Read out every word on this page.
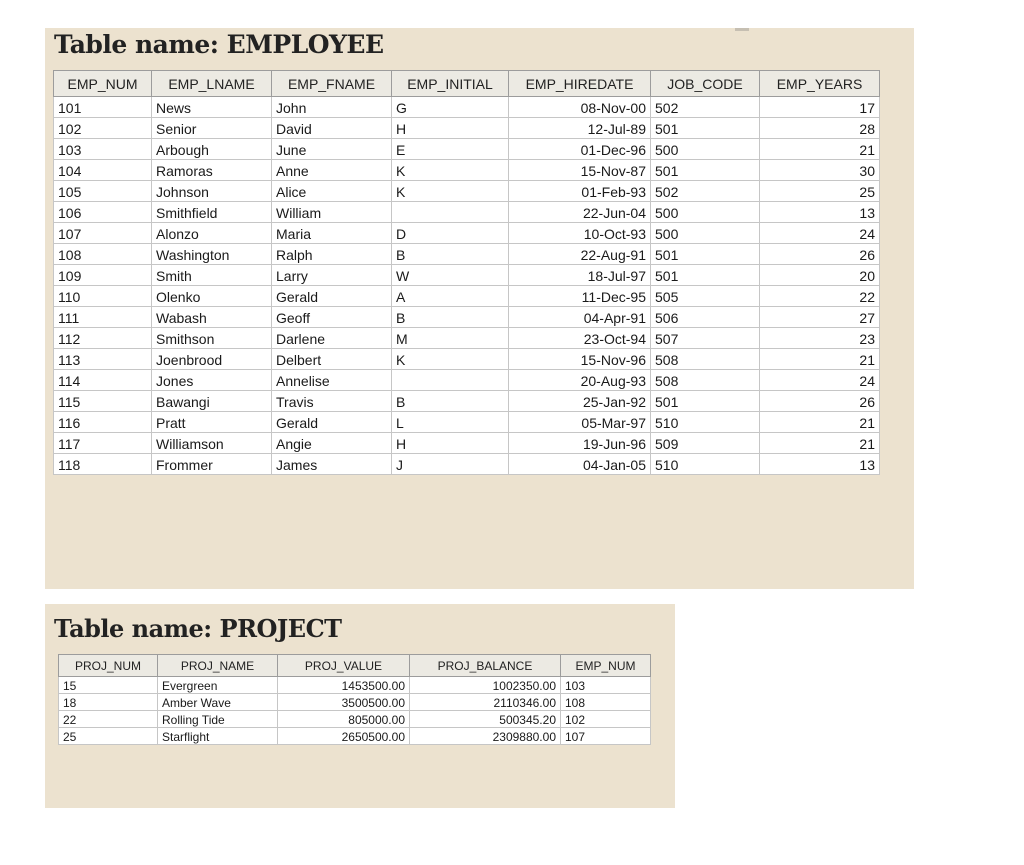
Table name: EMPLOYEE
EMP_NUM	EMP_LNAME	EMP_FNAME	EMP_INITIAL	EMP_HIREDATE	JOB_CODE	EMP_YEARS
101	News	John	G	08-Nov-00	502	17
102	Senior	David	H	12-Jul-89	501	28
103	Arbough	June	E	01-Dec-96	500	21
104	Ramoras	Anne	K	15-Nov-87	501	30
105	Johnson	Alice	K	01-Feb-93	502	25
106	Smithfield	William		22-Jun-04	500	13
107	Alonzo	Maria	D	10-Oct-93	500	24
108	Washington	Ralph	B	22-Aug-91	501	26
109	Smith	Larry	W	18-Jul-97	501	20
110	Olenko	Gerald	A	11-Dec-95	505	22
111	Wabash	Geoff	B	04-Apr-91	506	27
112	Smithson	Darlene	M	23-Oct-94	507	23
113	Joenbrood	Delbert	K	15-Nov-96	508	21
114	Jones	Annelise		20-Aug-93	508	24
115	Bawangi	Travis	B	25-Jan-92	501	26
116	Pratt	Gerald	L	05-Mar-97	510	21
117	Williamson	Angie	H	19-Jun-96	509	21
118	Frommer	James	J	04-Jan-05	510	13
Table name: PROJECT
PROJ_NUM	PROJ_NAME	PROJ_VALUE	PROJ_BALANCE	EMP_NUM
15	Evergreen	1453500.00	1002350.00	103
18	Amber Wave	3500500.00	2110346.00	108
22	Rolling Tide	805000.00	500345.20	102
25	Starflight	2650500.00	2309880.00	107
